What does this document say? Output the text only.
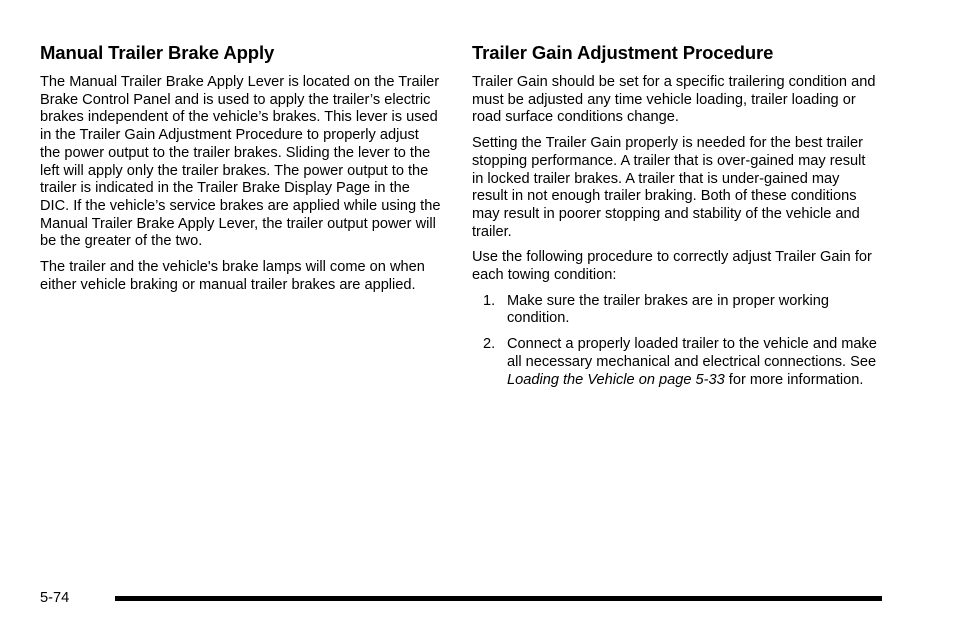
Manual Trailer Brake Apply

The Manual Trailer Brake Apply Lever is located on the Trailer Brake Control Panel and is used to apply the trailer’s electric brakes independent of the vehicle’s brakes. This lever is used in the Trailer Gain Adjustment Procedure to properly adjust the power output to the trailer brakes. Sliding the lever to the left will apply only the trailer brakes. The power output to the trailer is indicated in the Trailer Brake Display Page in the DIC. If the vehicle’s service brakes are applied while using the Manual Trailer Brake Apply Lever, the trailer output power will be the greater of the two.

The trailer and the vehicle's brake lamps will come on when either vehicle braking or manual trailer brakes are applied.

Trailer Gain Adjustment Procedure

Trailer Gain should be set for a specific trailering condition and must be adjusted any time vehicle loading, trailer loading or road surface conditions change.

Setting the Trailer Gain properly is needed for the best trailer stopping performance. A trailer that is over-gained may result in locked trailer brakes. A trailer that is under-gained may result in not enough trailer braking. Both of these conditions may result in poorer stopping and stability of the vehicle and trailer.

Use the following procedure to correctly adjust Trailer Gain for each towing condition:

1. Make sure the trailer brakes are in proper working condition.
2. Connect a properly loaded trailer to the vehicle and make all necessary mechanical and electrical connections. See Loading the Vehicle on page 5-33 for more information.
5-74
